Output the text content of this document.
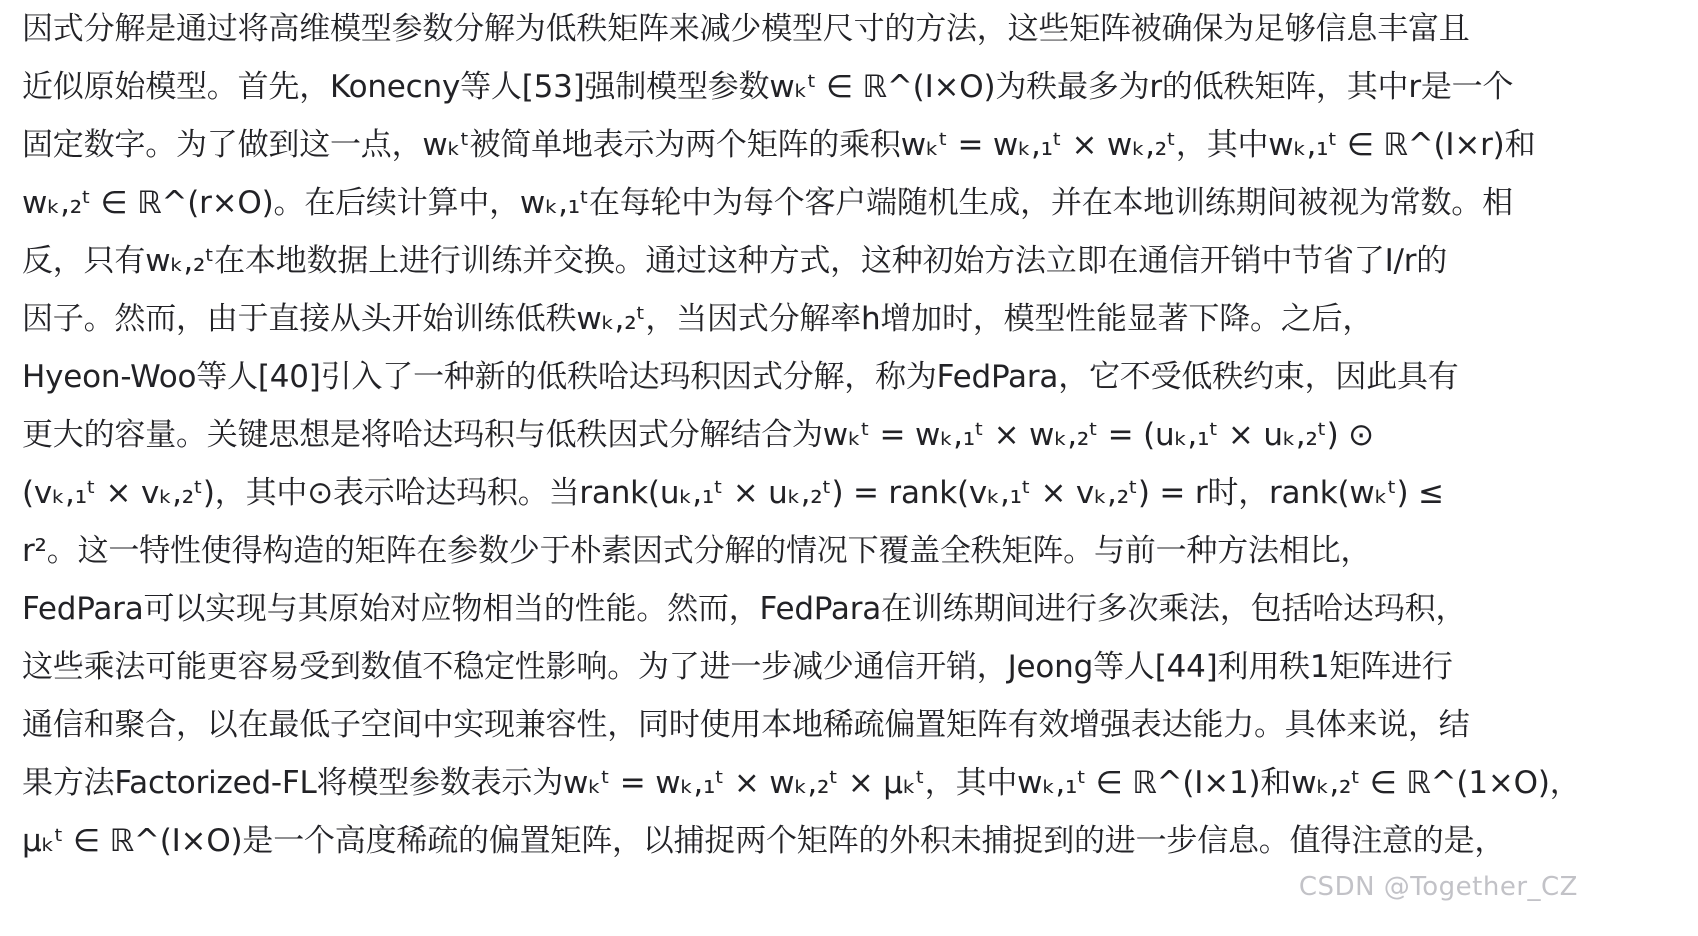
因式分解是通过将高维模型参数分解为低秩矩阵来减少模型尺寸的方法，这些矩阵被确保为足够信息丰富且
近似原始模型。首先，Konecny等人[53]强制模型参数wₖᵗ ∈ ℝ^(I×O)为秩最多为r的低秩矩阵，其中r是一个
固定数字。为了做到这一点，wₖᵗ被简单地表示为两个矩阵的乘积wₖᵗ = wₖ,₁ᵗ × wₖ,₂ᵗ，其中wₖ,₁ᵗ ∈ ℝ^(I×r)和
wₖ,₂ᵗ ∈ ℝ^(r×O)。在后续计算中，wₖ,₁ᵗ在每轮中为每个客户端随机生成，并在本地训练期间被视为常数。相
反，只有wₖ,₂ᵗ在本地数据上进行训练并交换。通过这种方式，这种初始方法立即在通信开销中节省了I/r的
因子。然而，由于直接从头开始训练低秩wₖ,₂ᵗ，当因式分解率h增加时，模型性能显著下降。之后，
Hyeon-Woo等人[40]引入了一种新的低秩哈达玛积因式分解，称为FedPara，它不受低秩约束，因此具有
更大的容量。关键思想是将哈达玛积与低秩因式分解结合为wₖᵗ = wₖ,₁ᵗ × wₖ,₂ᵗ = (uₖ,₁ᵗ × uₖ,₂ᵗ) ⊙
(vₖ,₁ᵗ × vₖ,₂ᵗ)，其中⊙表示哈达玛积。当rank(uₖ,₁ᵗ × uₖ,₂ᵗ) = rank(vₖ,₁ᵗ × vₖ,₂ᵗ) = r时，rank(wₖᵗ) ≤
r²。这一特性使得构造的矩阵在参数少于朴素因式分解的情况下覆盖全秩矩阵。与前一种方法相比，
FedPara可以实现与其原始对应物相当的性能。然而，FedPara在训练期间进行多次乘法，包括哈达玛积，
这些乘法可能更容易受到数值不稳定性影响。为了进一步减少通信开销，Jeong等人[44]利用秩1矩阵进行
通信和聚合，以在最低子空间中实现兼容性，同时使用本地稀疏偏置矩阵有效增强表达能力。具体来说，结
果方法Factorized-FL将模型参数表示为wₖᵗ = wₖ,₁ᵗ × wₖ,₂ᵗ × μₖᵗ，其中wₖ,₁ᵗ ∈ ℝ^(I×1)和wₖ,₂ᵗ ∈ ℝ^(1×O)，
μₖᵗ ∈ ℝ^(I×O)是一个高度稀疏的偏置矩阵，以捕捉两个矩阵的外积未捕捉到的进一步信息。值得注意的是，
CSDN @Together_CZ
